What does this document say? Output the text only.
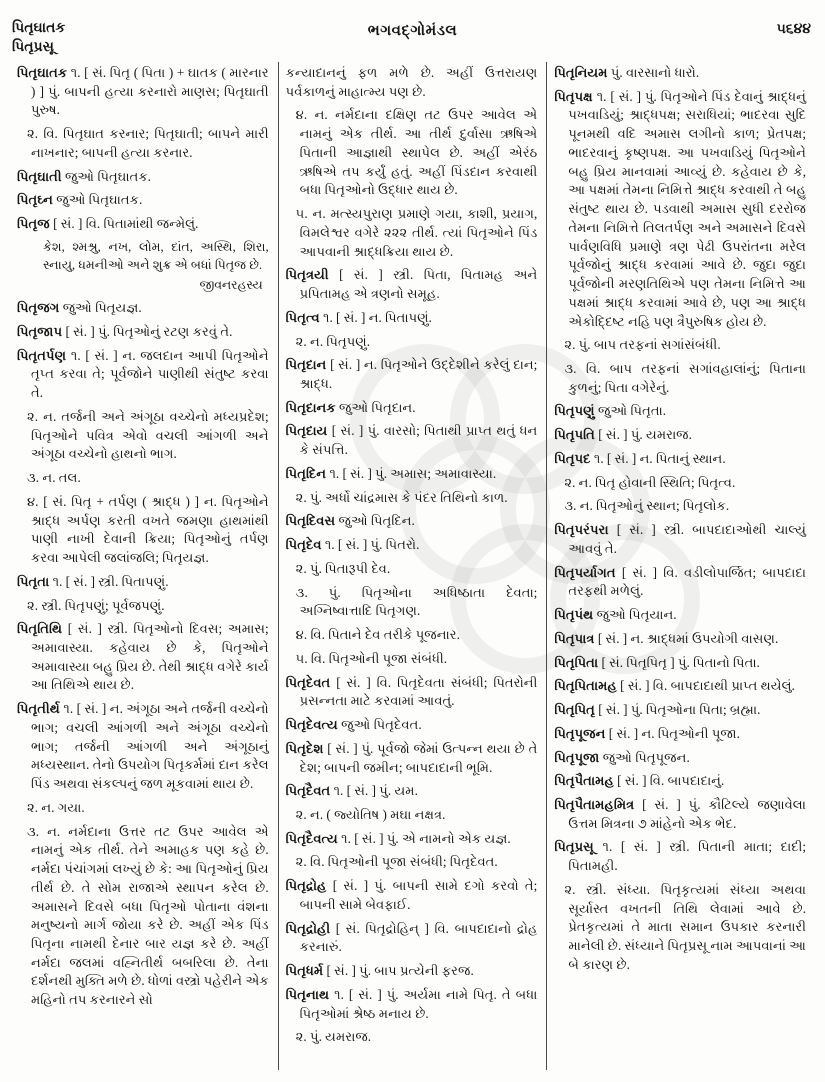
પિતૃઘાતક
પિતૃપ્રસૂ
ભગવદ્ગોમંડલ	૫૬૪૪
પિતૃઘાતક ૧. [ સં. પિતૃ ( પિતા ) + ઘાતક ( મારનાર ) ] પું. બાપની હત્યા કરનારો માણસ; પિતૃઘાતી પુરુષ.
૨. વિ. પિતૃઘાત કરનાર; પિતૃઘાતી; બાપને મારી નાખનાર; બાપની હત્યા કરનાર.
પિતૃઘાતી જુઓ પિતૃઘાતક.
પિતૃઘ્ન જુઓ પિતૃઘાતક.
પિતૃજ [ સં. ] વિ. પિતામાંથી જન્મેલું.
કેશ, શ્મશ્રુ, નખ, લોમ, દાંત, અસ્થિ, શિરા, સ્નાયુ, ધમનીઓ અને શુક્ર એ બધાં પિતૃજ છે.
જીવનરહસ્ય
પિતૃજગ જુઓ પિતૃયજ્ઞ.
પિતૃજાપ [ સં. ] પું. પિતૃઓનું રટણ કરવું તે.
પિતૃતર્પણ ૧. [ સં. ] ન. જલદાન આપી પિતૃઓને તૃપ્ત કરવા તે; પૂર્વજોને પાણીથી સંતુષ્ટ કરવા તે.
૨. ન. તર્જની અને અંગૂઠા વચ્ચેનો મધ્યપ્રદેશ; પિતૃઓને પવિત્ર એવો વચલી આંગળી અને અંગૂઠા વચ્ચેનો હાથનો ભાગ.
૩. ન. તલ.
૪. [ સં. પિતૃ + તર્પણ ( શ્રાદ્ધ ) ] ન. પિતૃઓને શ્રાદ્ધ અર્પણ કરતી વખતે જમણા હાથમાંથી પાણી નાખી દેવાની ક્રિયા; પિતૃઓનું તર્પણ કરવા આપેલી જલાંજલિ; પિતૃયજ્ઞ.
પિતૃતા ૧. [ સં. ] સ્ત્રી. પિતાપણું.
૨. સ્ત્રી. પિતૃપણું; પૂર્વજપણું.
પિતૃતિથિ [ સં. ] સ્ત્રી. પિતૃઓનો દિવસ; અમાસ; અમાવાસ્યા. કહેવાય છે કે, પિતૃઓને અમાવાસ્યા બહુ પ્રિય છે. તેથી શ્રાદ્ધ વગેરે કાર્ય આ તિથિએ થાય છે.
પિતૃતીર્થ ૧. [ સં. ] ન. અંગૂઠા અને તર્જની વચ્ચેનો ભાગ; વચલી આંગળી અને અંગૂઠા વચ્ચેનો ભાગ; તર્જની આંગળી અને અંગૂઠાનું મધ્યસ્થાન. તેનો ઉપયોગ પિતૃકર્મમાં દાન કરેલ પિંડ અથવા સંકલ્પનું જળ મૂકવામાં થાય છે.
૨. ન. ગયા.
૩. ન. નર્મદાના ઉત્તર તટ ઉપર આવેલ એ નામનું એક તીર્થ. તેને અમાહક પણ કહે છે. નર્મદા પંચાંગમાં લખ્યું છે કે: આ પિતૃઓનું પ્રિય તીર્થ છે. તે સોમ રાજાએ સ્થાપન કરેલ છે. અમાસને દિવસે બધા પિતૃઓ પોતાના વંશના મનુષ્યનો માર્ગ જોયા કરે છે. અહીં એક પિંડ પિતૃના નામથી દેનાર બાર યજ્ઞ કરે છે. અહીં નર્મદા જલમાં વહ્નિતીર્થ બબરિલા છે. તેના દર્શનથી મુક્તિ મળે છે. ધોળાં વસ્ત્રો પહેરીને એક મહિનો તપ કરનારને સો
કન્યાદાનનું ફળ મળે છે. અહીં ઉત્તરાયણ પર્વકાળનું માહાત્મ્ય પણ છે.
૪. ન. નર્મદાના દક્ષિણ તટ ઉપર આવેલ એ નામનું એક તીર્થ. આ તીર્થ દુર્વાસા ઋષિએ પિતાની આજ્ઞાથી સ્થાપેલ છે. અહીં એરંઠ ઋષિએ તપ કર્યું હતું. અહીં પિંડદાન કરવાથી બધા પિતૃઓનો ઉદ્ધાર થાય છે.
૫. ન. મત્સ્યપુરાણ પ્રમાણે ગયા, કાશી, પ્રયાગ, વિમલેશ્વર વગેરે ૨૨૨ તીર્થ. ત્યાં પિતૃઓને પિંડ આપવાની શ્રાદ્ધક્રિયા થાય છે.
પિતૃત્રયી [ સં. ] સ્ત્રી. પિતા, પિતામહ અને પ્રપિતામહ એ ત્રણનો સમૂહ.
પિતૃત્વ ૧. [ સં. ] ન. પિતાપણું.
૨. ન. પિતૃપણું.
પિતૃદાન [ સં. ] ન. પિતૃઓને ઉદ્દેશીને કરેલું દાન; શ્રાદ્ધ.
પિતૃદાનક જુઓ પિતૃદાન.
પિતૃદાય [ સં. ] પું. વારસો; પિતાથી પ્રાપ્ત થતું ધન કે સંપત્તિ.
પિતૃદિન ૧. [ સં. ] પું. અમાસ; અમાવાસ્યા.
૨. પું. અર્ધો ચાંદ્રમાસ કે પંદર તિથિનો કાળ.
પિતૃદિવસ જુઓ પિતૃદિન.
પિતૃદેવ ૧. [ સં. ] પું. પિતરો.
૨. પું. પિતારૂપી દેવ.
૩. પું. પિતૃઓના અધિષ્ઠાતા દેવતા; અગ્નિષ્વાત્તાદિ પિતૃગણ.
૪. વિ. પિતાને દેવ તરીકે પૂજનાર.
૫. વિ. પિતૃઓની પૂજા સંબંધી.
પિતૃદેવત [ સં. ] વિ. પિતૃદેવતા સંબંધી; પિતરોની પ્રસન્નતા માટે કરવામાં આવતું.
પિતૃદેવત્ય જુઓ પિતૃદેવત.
પિતૃદેશ [ સં. ] પું. પૂર્વજો જેમાં ઉત્પન્ન થયા છે તે દેશ; બાપની જમીન; બાપદાદાની ભૂમિ.
પિતૃદૈવત ૧. [ સં. ] પું. યમ.
૨. ન. ( જ્યોતિષ ) મઘા નક્ષત્ર.
પિતૃદૈવત્ય ૧. [ સં. ] પું. એ નામનો એક યજ્ઞ.
૨. વિ. પિતૃઓની પૂજા સંબંધી; પિતૃદેવત.
પિતૃદ્રોહ [ સં. ] પું. બાપની સામે દગો કરવો તે; બાપની સામે બેવફાઈ.
પિતૃદ્રોહી [ સં. પિતૃદ્રોહિન્ ] વિ. બાપદાદાનો દ્રોહ કરનારું.
પિતૃધર્મ [ સં. ] પું. બાપ પ્રત્યેની ફરજ.
પિતૃનાથ ૧. [ સં. ] પું. અર્યમા નામે પિતૃ. તે બધા પિતૃઓમાં શ્રેષ્ઠ મનાય છે.
૨. પું. યમરાજ.
પિતૃનિયમ પું. વારસાનો ધારો.
પિતૃપક્ષ ૧. [ સં. ] પું. પિતૃઓને પિંડ દેવાનું શ્રાદ્ધનું પખવાડિયું; શ્રાદ્ધપક્ષ; સરાધિયાં; ભાદરવા સુદિ પૂનમથી વદિ અમાસ લગીનો કાળ; પ્રેતપક્ષ; ભાદરવાનું કૃષ્ણપક્ષ. આ પખવાડિયું પિતૃઓને બહુ પ્રિય માનવામાં આવ્યું છે. કહેવાય છે કે, આ પક્ષમાં તેમના નિમિત્તે શ્રાદ્ધ કરવાથી તે બહુ સંતુષ્ટ થાય છે. પડવાથી અમાસ સુધી દરરોજ તેમના નિમિત્તે તિલતર્પણ અને અમાસને દિવસે પાર્વણવિધિ પ્રમાણે ત્રણ પેઢી ઉપરાંતના મરેલ પૂર્વજોનું શ્રાદ્ધ કરવામાં આવે છે. જુદા જુદા પૂર્વજોની મરણતિથિએ પણ તેમના નિમિત્તે આ પક્ષમાં શ્રાદ્ધ કરવામાં આવે છે, પણ આ શ્રાદ્ધ એકોદ્દિષ્ટ નહિ પણ ત્રૈપુરુષિક હોય છે.
૨. પું. બાપ તરફનાં સગાંસંબંધી.
૩. વિ. બાપ તરફનાં સગાંવહાલાંનું; પિતાના કુળનું; પિતા વગેરેનું.
પિતૃપણું જુઓ પિતૃતા.
પિતૃપતિ [ સં. ] પું. યમરાજ.
પિતૃપદ ૧. [ સં. ] ન. પિતાનું સ્થાન.
૨. ન. પિતૃ હોવાની સ્થિતિ; પિતૃત્વ.
૩. ન. પિતૃઓનું સ્થાન; પિતૃલોક.
પિતૃપરંપરા [ સં. ] સ્ત્રી. બાપદાદાઓથી ચાલ્યું આવવું તે.
પિતૃપર્યાગત [ સં. ] વિ. વડીલોપાર્જિત; બાપદાદા તરફથી મળેલું.
પિતૃપંથ જુઓ પિતૃયાન.
પિતૃપાત્ર [ સં. ] ન. શ્રાદ્ધમાં ઉપયોગી વાસણ.
પિતૃપિતા [ સં. પિતૃપિતૃ ] પું. પિતાનો પિતા.
પિતૃપિતામહ [ સં. ] વિ. બાપદાદાથી પ્રાપ્ત થયેલું.
પિતૃપિતૃ [ સં. ] પું. પિતૃઓના પિતા; બ્રહ્મા.
પિતૃપૂજન [ સં. ] ન. પિતૃઓની પૂજા.
પિતૃપૂજા જુઓ પિતૃપૂજન.
પિતૃપૈતામહ [ સં. ] વિ. બાપદાદાનું.
પિતૃપૈતામહમિત્ર [ સં. ] પું. કૌટિલ્યે જણાવેલા ઉત્તમ મિત્રના ૭ માંહેનો એક ભેદ.
પિતૃપ્રસૂ ૧. [ સં. ] સ્ત્રી. પિતાની માતા; દાદી; પિતામહી.
૨. સ્ત્રી. સંધ્યા. પિતૃકૃત્યમાં સંધ્યા અથવા સૂર્યાસ્ત વખતની તિથિ લેવામાં આવે છે. પ્રેતકૃત્યમાં તે માતા સમાન ઉપકાર કરનારી માનેલી છે. સંધ્યાને પિતૃપ્રસૂ નામ આપવાનાં આ બે કારણ છે.
